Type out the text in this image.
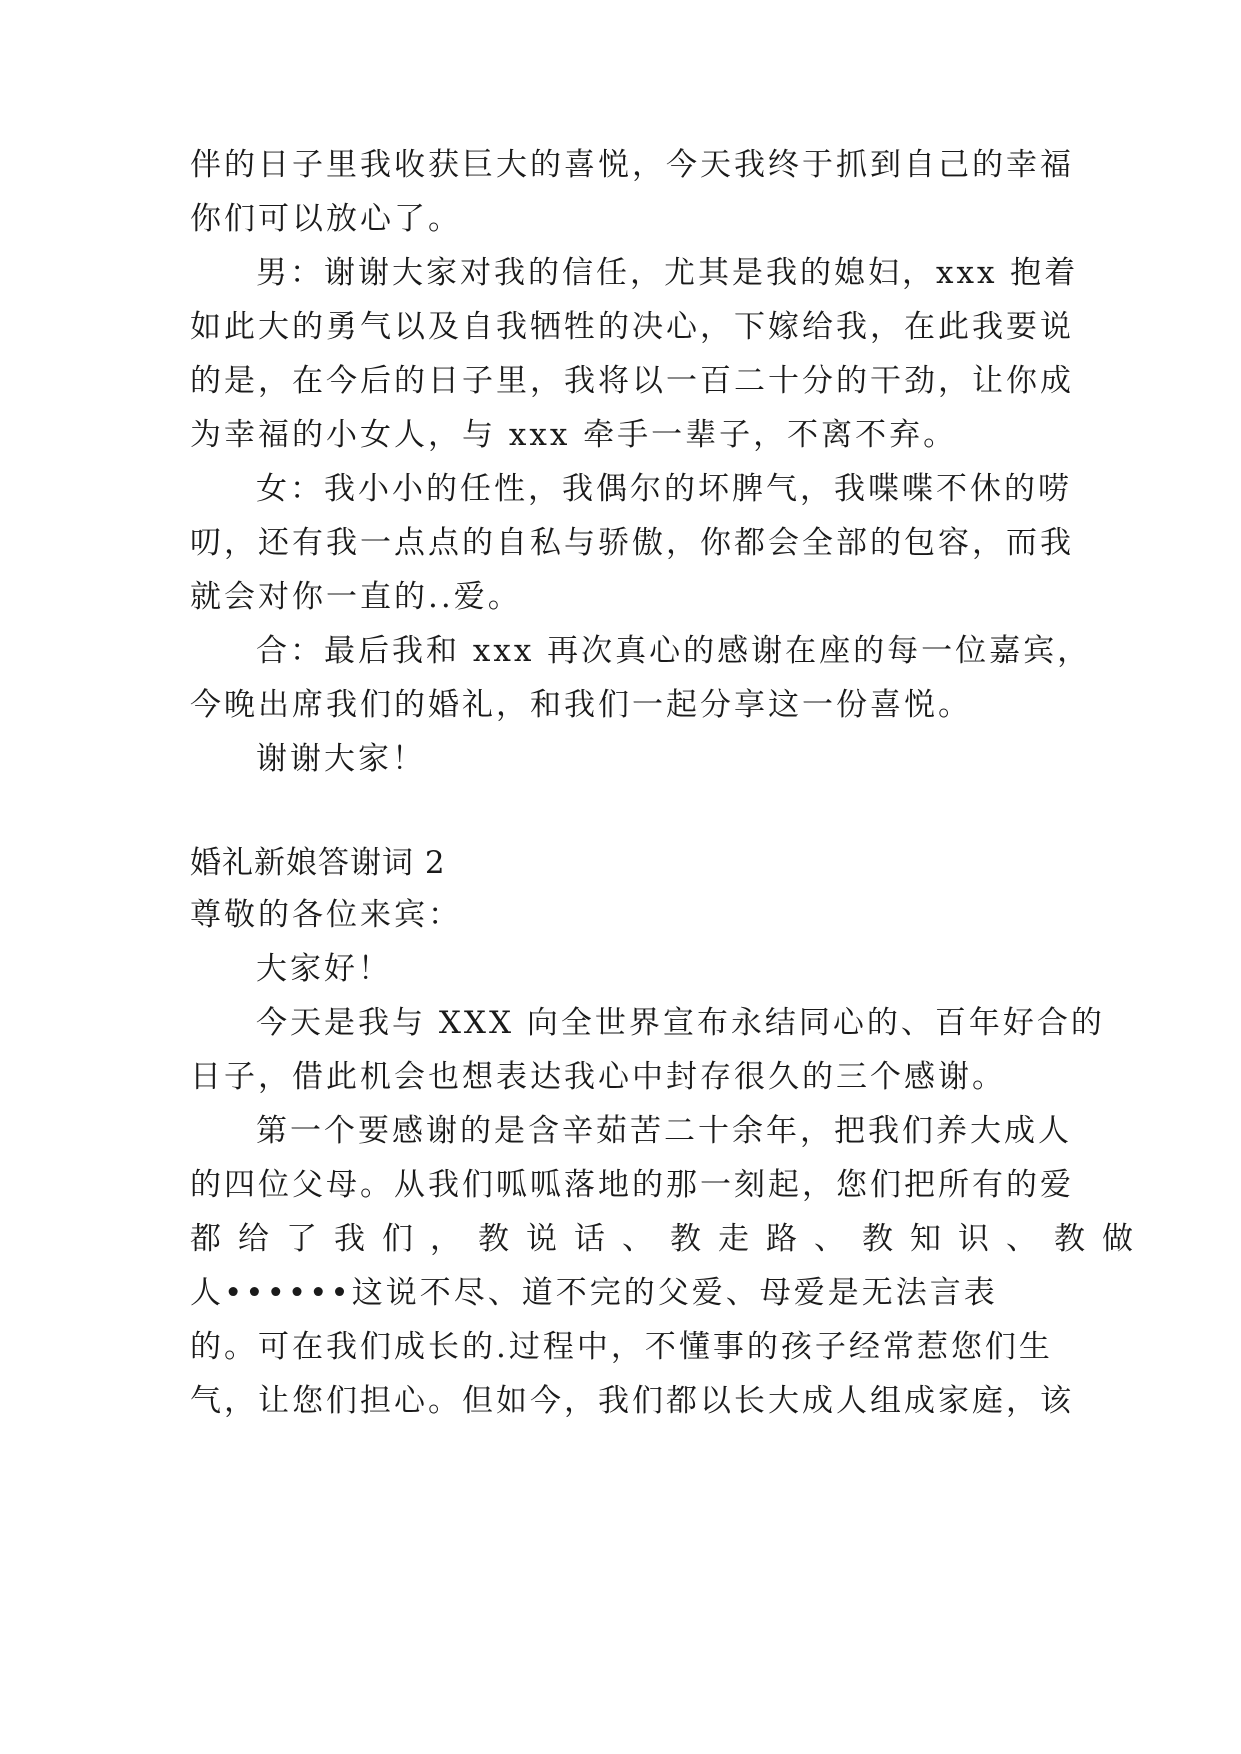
伴的日子里我收获巨大的喜悦，今天我终于抓到自己的幸福
你们可以放心了。
男：谢谢大家对我的信任，尤其是我的媳妇，xxx 抱着
如此大的勇气以及自我牺牲的决心，下嫁给我，在此我要说
的是，在今后的日子里，我将以一百二十分的干劲，让你成
为幸福的小女人，与 xxx 牵手一辈子，不离不弃。
女：我小小的任性，我偶尔的坏脾气，我喋喋不休的唠
叨，还有我一点点的自私与骄傲，你都会全部的包容，而我
就会对你一直的..爱。
合：最后我和 xxx 再次真心的感谢在座的每一位嘉宾，
今晚出席我们的婚礼，和我们一起分享这一份喜悦。
谢谢大家！
婚礼新娘答谢词 2
尊敬的各位来宾：
大家好！
今天是我与 XXX 向全世界宣布永结同心的、百年好合的
日子，借此机会也想表达我心中封存很久的三个感谢。
第一个要感谢的是含辛茹苦二十余年，把我们养大成人
的四位父母。从我们呱呱落地的那一刻起，您们把所有的爱
都给了我们，教说话、教走路、教知识、教做
人••••••这说不尽、道不完的父爱、母爱是无法言表
的。可在我们成长的.过程中，不懂事的孩子经常惹您们生
气，让您们担心。但如今，我们都以长大成人组成家庭，该
